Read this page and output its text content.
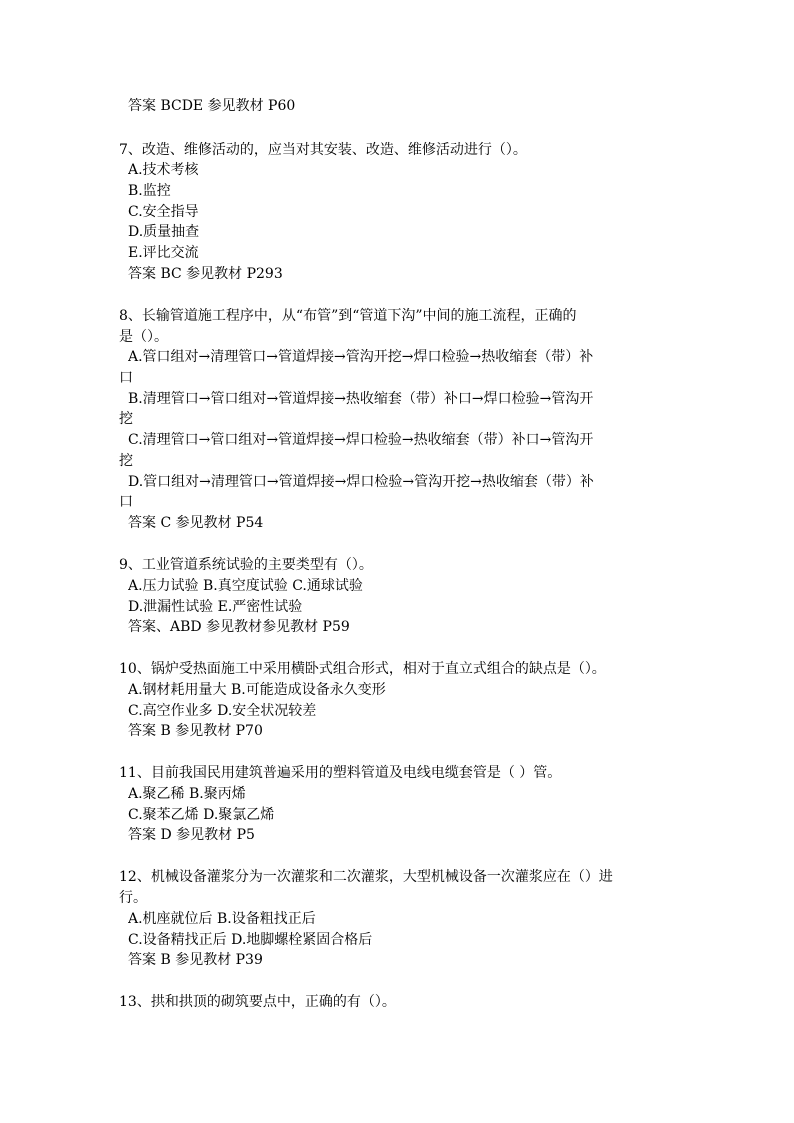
答案 BCDE 参见教材 P60
7、改造、维修活动的，应当对其安装、改造、维修活动进行（）。
A.技术考核
B.监控
C.安全指导
D.质量抽查
E.评比交流
答案 BC 参见教材 P293
8、长输管道施工程序中，从“布管”到“管道下沟”中间的施工流程，正确的
是（）。
A.管口组对→清理管口→管道焊接→管沟开挖→焊口检验→热收缩套（带）补
口
B.清理管口→管口组对→管道焊接→热收缩套（带）补口→焊口检验→管沟开
挖
C.清理管口→管口组对→管道焊接→焊口检验→热收缩套（带）补口→管沟开
挖
D.管口组对→清理管口→管道焊接→焊口检验→管沟开挖→热收缩套（带）补
口
答案 C 参见教材 P54
9、工业管道系统试验的主要类型有（）。
A.压力试验 B.真空度试验 C.通球试验
D.泄漏性试验 E.严密性试验
答案、ABD 参见教材参见教材 P59
10、锅炉受热面施工中采用横卧式组合形式，相对于直立式组合的缺点是（）。
A.钢材耗用量大 B.可能造成设备永久变形
C.高空作业多 D.安全状况较差
答案 B 参见教材 P70
11、目前我国民用建筑普遍采用的塑料管道及电线电缆套管是（ ）管。
A.聚乙稀 B.聚丙烯
C.聚苯乙烯 D.聚氯乙烯
答案 D 参见教材 P5
12、机械设备灌浆分为一次灌浆和二次灌浆，大型机械设备一次灌浆应在（）进
行。
A.机座就位后 B.设备粗找正后
C.设备精找正后 D.地脚螺栓紧固合格后
答案 B 参见教材 P39
13、拱和拱顶的砌筑要点中，正确的有（）。
